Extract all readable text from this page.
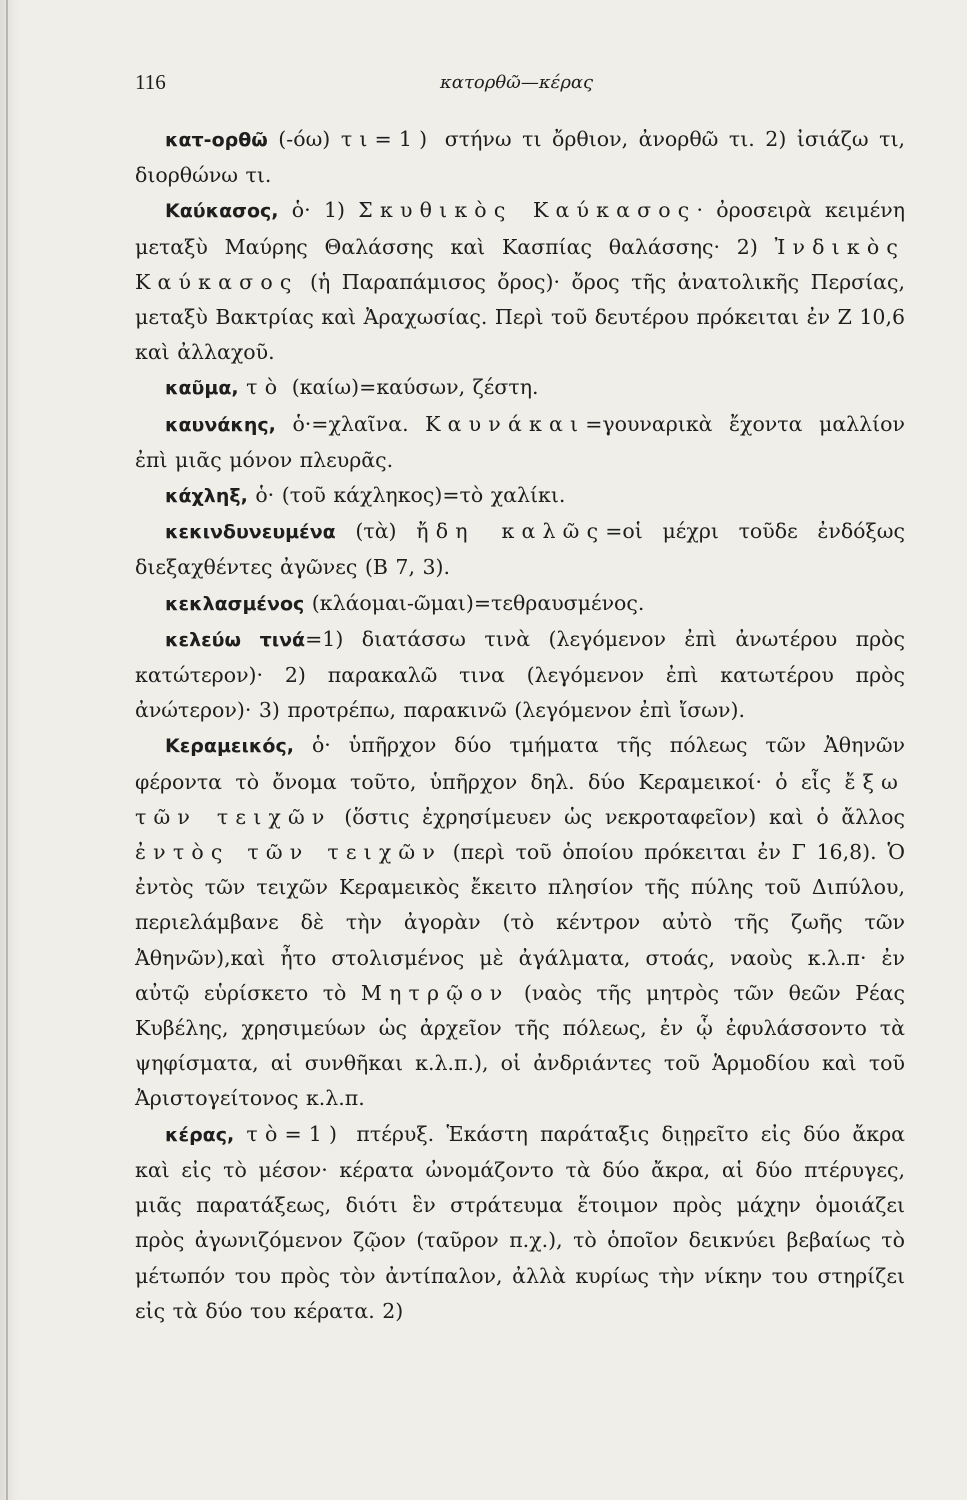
116	κατορθῶ—κέρας

κατ-ορθῶ (-όω) τι=1) στήνω τι ὄρθιον, ἀνορθῶ τι. 2) ἰσιάζω τι, διορθώνω τι.

Καύκασος, ὁ· 1) Σκυθικὸς Καύκασος· ὀροσειρὰ κειμένη μεταξὺ Μαύρης Θαλάσσης καὶ Κασπίας θαλάσσης· 2) Ἰνδικὸς Καύκασος (ἡ Παραπάμισος ὄρος)· ὄρος τῆς ἀνατολικῆς Περσίας, μεταξὺ Βακτρίας καὶ Ἀραχωσίας. Περὶ τοῦ δευτέρου πρόκειται ἐν Ζ 10,6 καὶ ἀλλαχοῦ.

καῦμα, τὸ (καίω)=καύσων, ζέστη.

καυνάκης, ὁ·=χλαῖνα. Καυνάκαι=γουναρικὰ ἔχοντα μαλλίον ἐπὶ μιᾶς μόνον πλευρᾶς.

κάχληξ, ὁ· (τοῦ κάχληκος)=τὸ χαλίκι.

κεκινδυνευμένα (τὰ) ἤδη καλῶς=οἱ μέχρι τοῦδε ἐνδόξως διεξαχθέντες ἀγῶνες (Β 7, 3).

κεκλασμένος (κλάομαι-ῶμαι)=τεθραυσμένος.

κελεύω τινά=1) διατάσσω τινὰ (λεγόμενον ἐπὶ ἀνωτέρου πρὸς κατώτερον)· 2) παρακαλῶ τινα (λεγόμενον ἐπὶ κατωτέρου πρὸς ἀνώτερον)· 3) προτρέπω, παρακινῶ (λεγόμενον ἐπὶ ἴσων).

Κεραμεικός, ὁ· ὑπῆρχον δύο τμήματα τῆς πόλεως τῶν Ἀθηνῶν φέροντα τὸ ὄνομα τοῦτο, ὑπῆρχον δηλ. δύο Κεραμεικοί· ὁ εἷς ἔξω τῶν τειχῶν (ὅστις ἐχρησίμευεν ὡς νεκροταφεῖον) καὶ ὁ ἄλλος ἐντὸς τῶν τειχῶν (περὶ τοῦ ὁποίου πρόκειται ἐν Γ 16,8). Ὁ ἐντὸς τῶν τειχῶν Κεραμεικὸς ἔκειτο πλησίον τῆς πύλης τοῦ Διπύλου, περιελάμβανε δὲ τὴν ἀγορὰν (τὸ κέντρον αὐτὸ τῆς ζωῆς τῶν Ἀθηνῶν),καὶ ἦτο στολισμένος μὲ ἀγάλματα, στοάς, ναοὺς κ.λ.π· ἐν αὐτῷ εὑρίσκετο τὸ Μητρῷον (ναὸς τῆς μητρὸς τῶν θεῶν Ρέας Κυβέλης, χρησιμεύων ὡς ἀρχεῖον τῆς πόλεως, ἐν ᾧ ἐφυλάσσοντο τὰ ψηφίσματα, αἱ συνθῆκαι κ.λ.π.), οἱ ἀνδριάντες τοῦ Ἁρμοδίου καὶ τοῦ Ἀριστογείτονος κ.λ.π.

κέρας, τὸ=1) πτέρυξ. Ἑκάστη παράταξις διῃρεῖτο εἰς δύο ἄκρα καὶ εἰς τὸ μέσον· κέρατα ὠνομάζοντο τὰ δύο ἄκρα, αἱ δύο πτέρυγες, μιᾶς παρατάξεως, διότι ἓν στράτευμα ἕτοιμον πρὸς μάχην ὁμοιάζει πρὸς ἀγωνιζόμενον ζῷον (ταῦρον π.χ.), τὸ ὁποῖον δεικνύει βεβαίως τὸ μέτωπόν του πρὸς τὸν ἀντίπαλον, ἀλλὰ κυρίως τὴν νίκην του στηρίζει εἰς τὰ δύο του κέρατα. 2)
